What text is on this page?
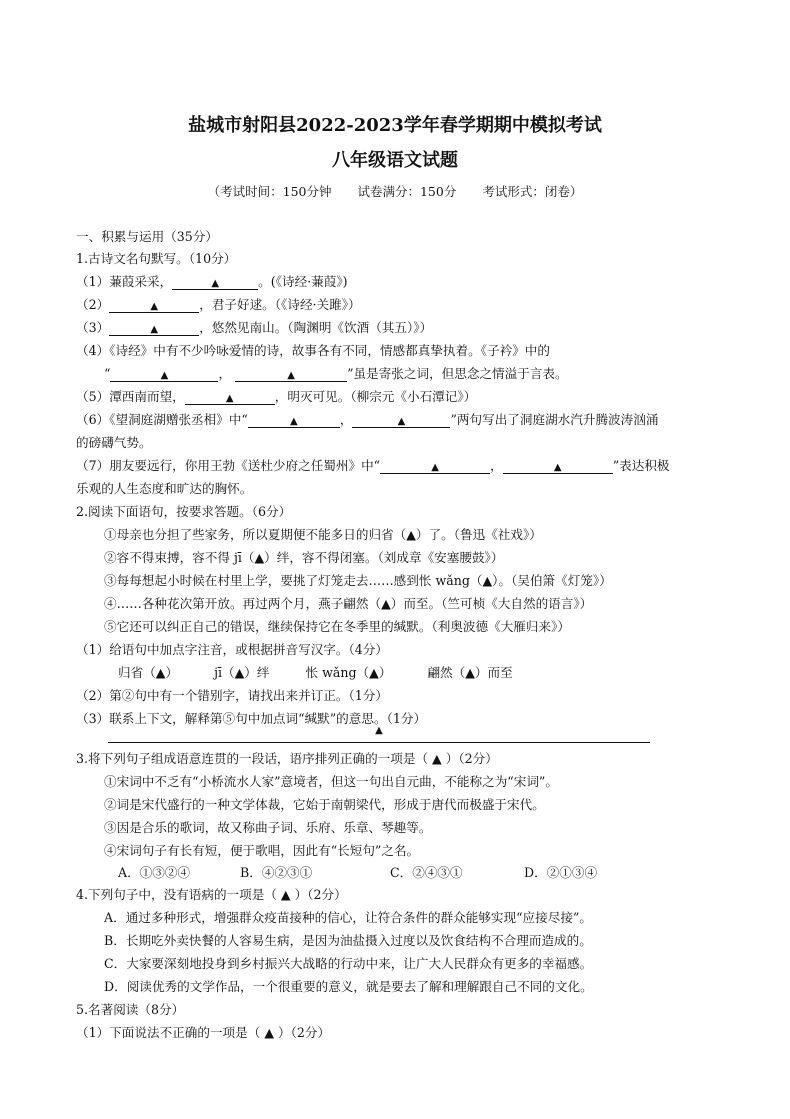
盐城市射阳县2022-2023学年春学期期中模拟考试
八年级语文试题
（考试时间：150分钟 试卷满分：150分 考试形式：闭卷）
一、积累与运用（35分）
1.古诗文名句默写。（10分）
（1）蒹葭采采，	▲	。(《诗经·蒹葭》)
（2）	▲	，君子好逑。（《诗经·关雎》）
（3）	▲	，悠然见南山。（陶渊明《饮酒（其五）》）
（4）《诗经》中有不少吟咏爱情的诗，故事各有不同，情感都真挚执着。《子衿》中的
“	▲	，	▲	”虽是寄张之词，但思念之情溢于言表。
（5）潭西南而望，	▲	，明灭可见。（柳宗元《小石潭记》）
（6）《望洞庭湖赠张丞相》中“	▲	，	▲	”两句写出了洞庭湖水汽升腾波涛汹涌
的磅礴气势。
（7）朋友要远行，你用王勃《送杜少府之任蜀州》中“	▲	，	▲	”表达积极
乐观的人生态度和旷达的胸怀。
2.阅读下面语句，按要求答题。（6分）
①母亲也分担了些家务，所以夏期便不能多日的归省（▲）了。（鲁迅《社戏》）
②容不得束搏，容不得 jī（▲）绊，容不得闭塞。（刘成章《安塞腰鼓》）
③每每想起小时候在村里上学，要挑了灯笼走去……感到怅 wǎng（▲）。（吴伯箫《灯笼》）
④……各种花次第开放。再过两个月，燕子翩然（▲）而至。（竺可桢《大自然的语言》）
⑤它还可以纠正自己的错误，继续保持它在冬季里的缄默。（利奥波德《大雁归来》）
（1）给语句中加点字注音，或根据拼音写汉字。（4分）
归省（▲）	jī（▲）绊	怅 wǎng（▲）	翩然（▲）而至
（2）第②句中有一个错别字，请找出来并订正。（1分）
（3）联系上下文，解释第⑤句中加点词“缄默”的意思。（1分）
▲
3.将下列句子组成语意连贯的一段话，语序排列正确的一项是（ ▲ ）（2分）
①宋词中不乏有“小桥流水人家”意境者，但这一句出自元曲，不能称之为“宋词”。
②词是宋代盛行的一种文学体裁，它始于南朝梁代，形成于唐代而极盛于宋代。
③因是合乐的歌词，故又称曲子词、乐府、乐章、琴趣等。
④宋词句子有长有短，便于歌唱，因此有“长短句”之名。
A．①③②④	B．④②③①	C．②④③①	D．②①③④
4.下列句子中，没有语病的一项是（ ▲ ）（2分）
A．通过多种形式，增强群众疫苗接种的信心，让符合条件的群众能够实现“应接尽接”。
B．长期吃外卖快餐的人容易生病，是因为油盐摄入过度以及饮食结构不合理而造成的。
C．大家要深刻地投身到乡村振兴大战略的行动中来，让广大人民群众有更多的幸福感。
D．阅读优秀的文学作品，一个很重要的意义，就是要去了解和理解跟自己不同的文化。
5.名著阅读（8分）
（1）下面说法不正确的一项是（ ▲ ）（2分）
